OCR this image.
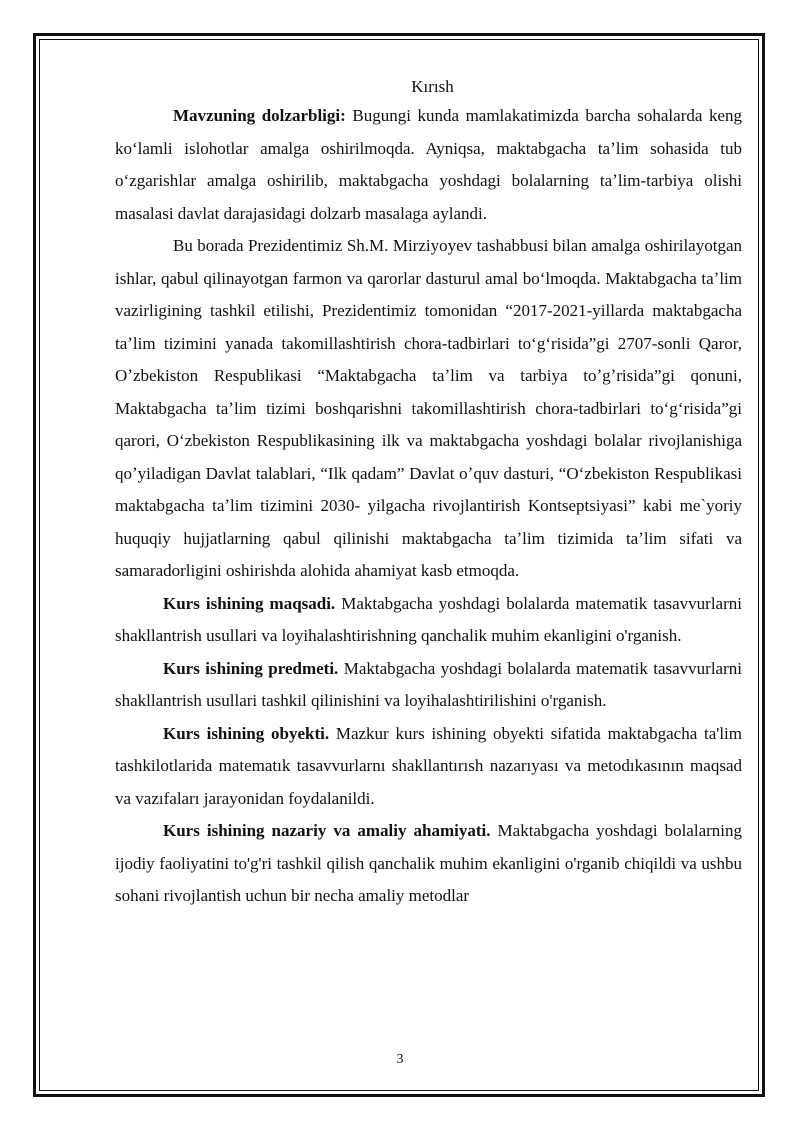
Kırısh

Mavzuning dolzarbligi: Bugungi kunda mamlakatimizda barcha sohalarda keng koʻlamli islohotlar amalga oshirilmoqda. Ayniqsa, maktabgacha taʼlim sohasida tub oʻzgarishlar amalga oshirilib, maktabgacha yoshdagi bolalarning taʼlim-tarbiya olishi masalasi davlat darajasidagi dolzarb masalaga aylandi.

Bu borada Prezidentimiz Sh.M. Mirziyoyev tashabbusi bilan amalga oshirilayotgan ishlar, qabul qilinayotgan farmon va qarorlar dasturul amal boʻlmoqda. Maktabgacha taʼlim vazirligining tashkil etilishi, Prezidentimiz tomonidan “2017-2021-yillarda maktabgacha taʼlim tizimini yanada takomillashtirish chora-tadbirlari toʻgʻrisida”gi 2707-sonli Qaror, Oʼzbekiston Respublikasi “Maktabgacha taʼlim va tarbiya toʼgʼrisida”gi qonuni, Maktabgacha taʼlim tizimi boshqarishni takomillashtirish chora-tadbirlari toʻgʻrisida”gi qarori, Oʻzbekiston Respublikasining ilk va maktabgacha yoshdagi bolalar rivojlanishiga qoʼyiladigan Davlat talablari, “Ilk qadam” Davlat oʼquv dasturi, “Oʻzbekiston Respublikasi maktabgacha taʼlim tizimini 2030- yilgacha rivojlantirish Kontseptsiyasi” kabi me`yoriy huquqiy hujjatlarning qabul qilinishi maktabgacha taʼlim tizimida taʼlim sifati va samaradorligini oshirishda alohida ahamiyat kasb etmoqda.

Kurs ishining maqsadi. Maktabgacha yoshdagi bolalarda matematik tasavvurlarni shakllantrish usullari va loyihalashtirishning qanchalik muhim ekanligini o'rganish.

Kurs ishining predmeti. Maktabgacha yoshdagi bolalarda matematik tasavvurlarni shakllantrish usullari tashkil qilinishini va loyihalashtirilishini o'rganish.

Kurs ishining obyekti. Mazkur kurs ishining obyekti sifatida maktabgacha ta'lim tashkilotlarida matematık tasavvurlarnı shakllantırısh nazarıyası va metodıkasının maqsad va vazıfaları jarayonidan foydalanildi.

Kurs ishining nazariy va amaliy ahamiyati. Maktabgacha yoshdagi bolalarning ijodiy faoliyatini to'g'ri tashkil qilish qanchalik muhim ekanligini o'rganib chiqildi va ushbu sohani rivojlantish uchun bir necha amaliy metodlar

3
